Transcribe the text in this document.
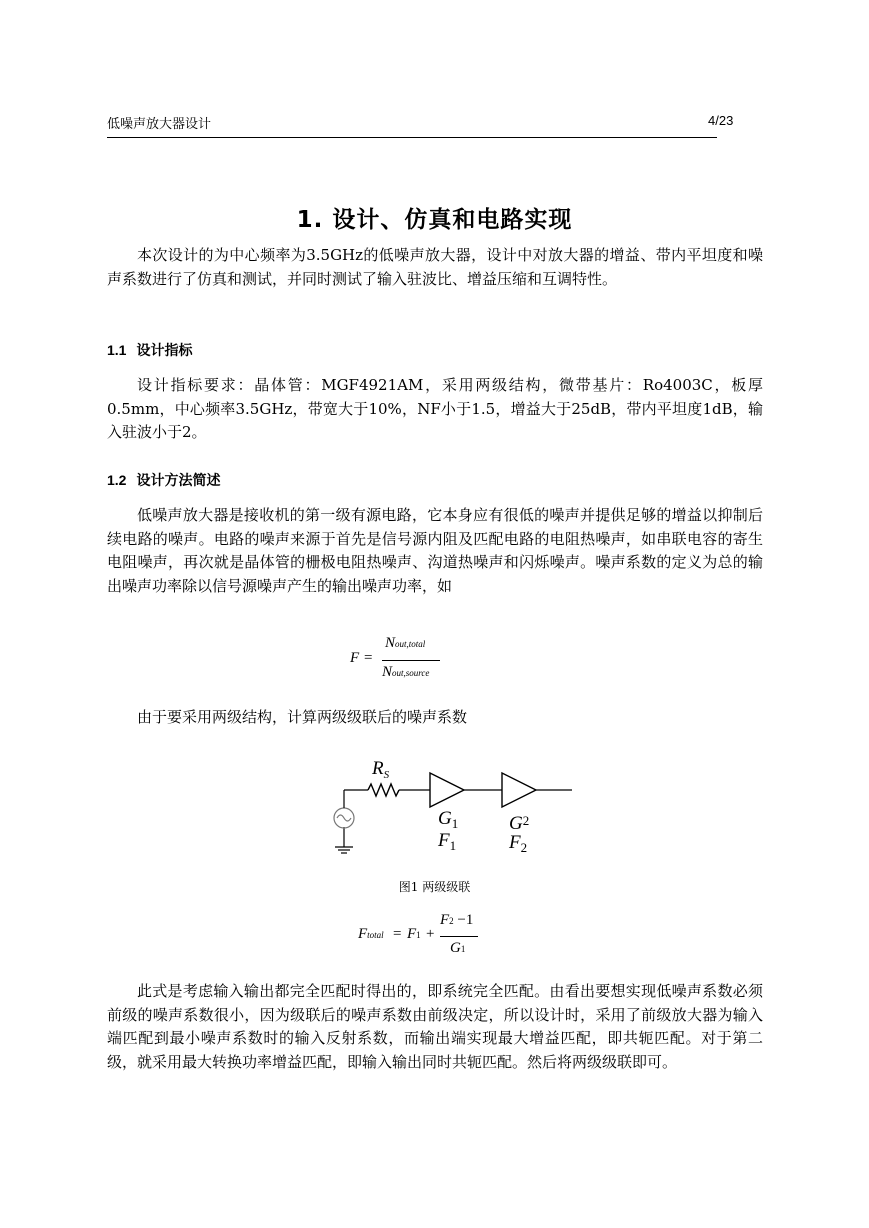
低噪声放大器设计	4/23
1. 设计、仿真和电路实现

本次设计的为中心频率为3.5GHz的低噪声放大器，设计中对放大器的增益、带内平坦度和噪声系数进行了仿真和测试，并同时测试了输入驻波比、增益压缩和互调特性。

1.1 设计指标

设计指标要求：晶体管：MGF4921AM，采用两级结构，微带基片：Ro4003C，板厚0.5mm，中心频率3.5GHz，带宽大于10%，NF小于1.5，增益大于25dB，带内平坦度1dB，输入驻波小于2。

1.2 设计方法简述

低噪声放大器是接收机的第一级有源电路，它本身应有很低的噪声并提供足够的增益以抑制后续电路的噪声。电路的噪声来源于首先是信号源内阻及匹配电路的电阻热噪声，如串联电容的寄生电阻噪声，再次就是晶体管的栅极电阻热噪声、沟道热噪声和闪烁噪声。噪声系数的定义为总的输出噪声功率除以信号源噪声产生的输出噪声功率，如

F =
Nout,total
Nout,source

由于要采用两级结构，计算两级级联后的噪声系数

$R_S$
$G_1$
$F_1$
$G^2$
$F_2$
图1 两级级联
Ftotal = F1 +
F2 −1
G1

此式是考虑输入输出都完全匹配时得出的，即系统完全匹配。由看出要想实现低噪声系数必须前级的噪声系数很小，因为级联后的噪声系数由前级决定，所以设计时，采用了前级放大器为输入端匹配到最小噪声系数时的输入反射系数，而输出端实现最大增益匹配，即共轭匹配。对于第二级，就采用最大转换功率增益匹配，即输入输出同时共轭匹配。然后将两级级联即可。
